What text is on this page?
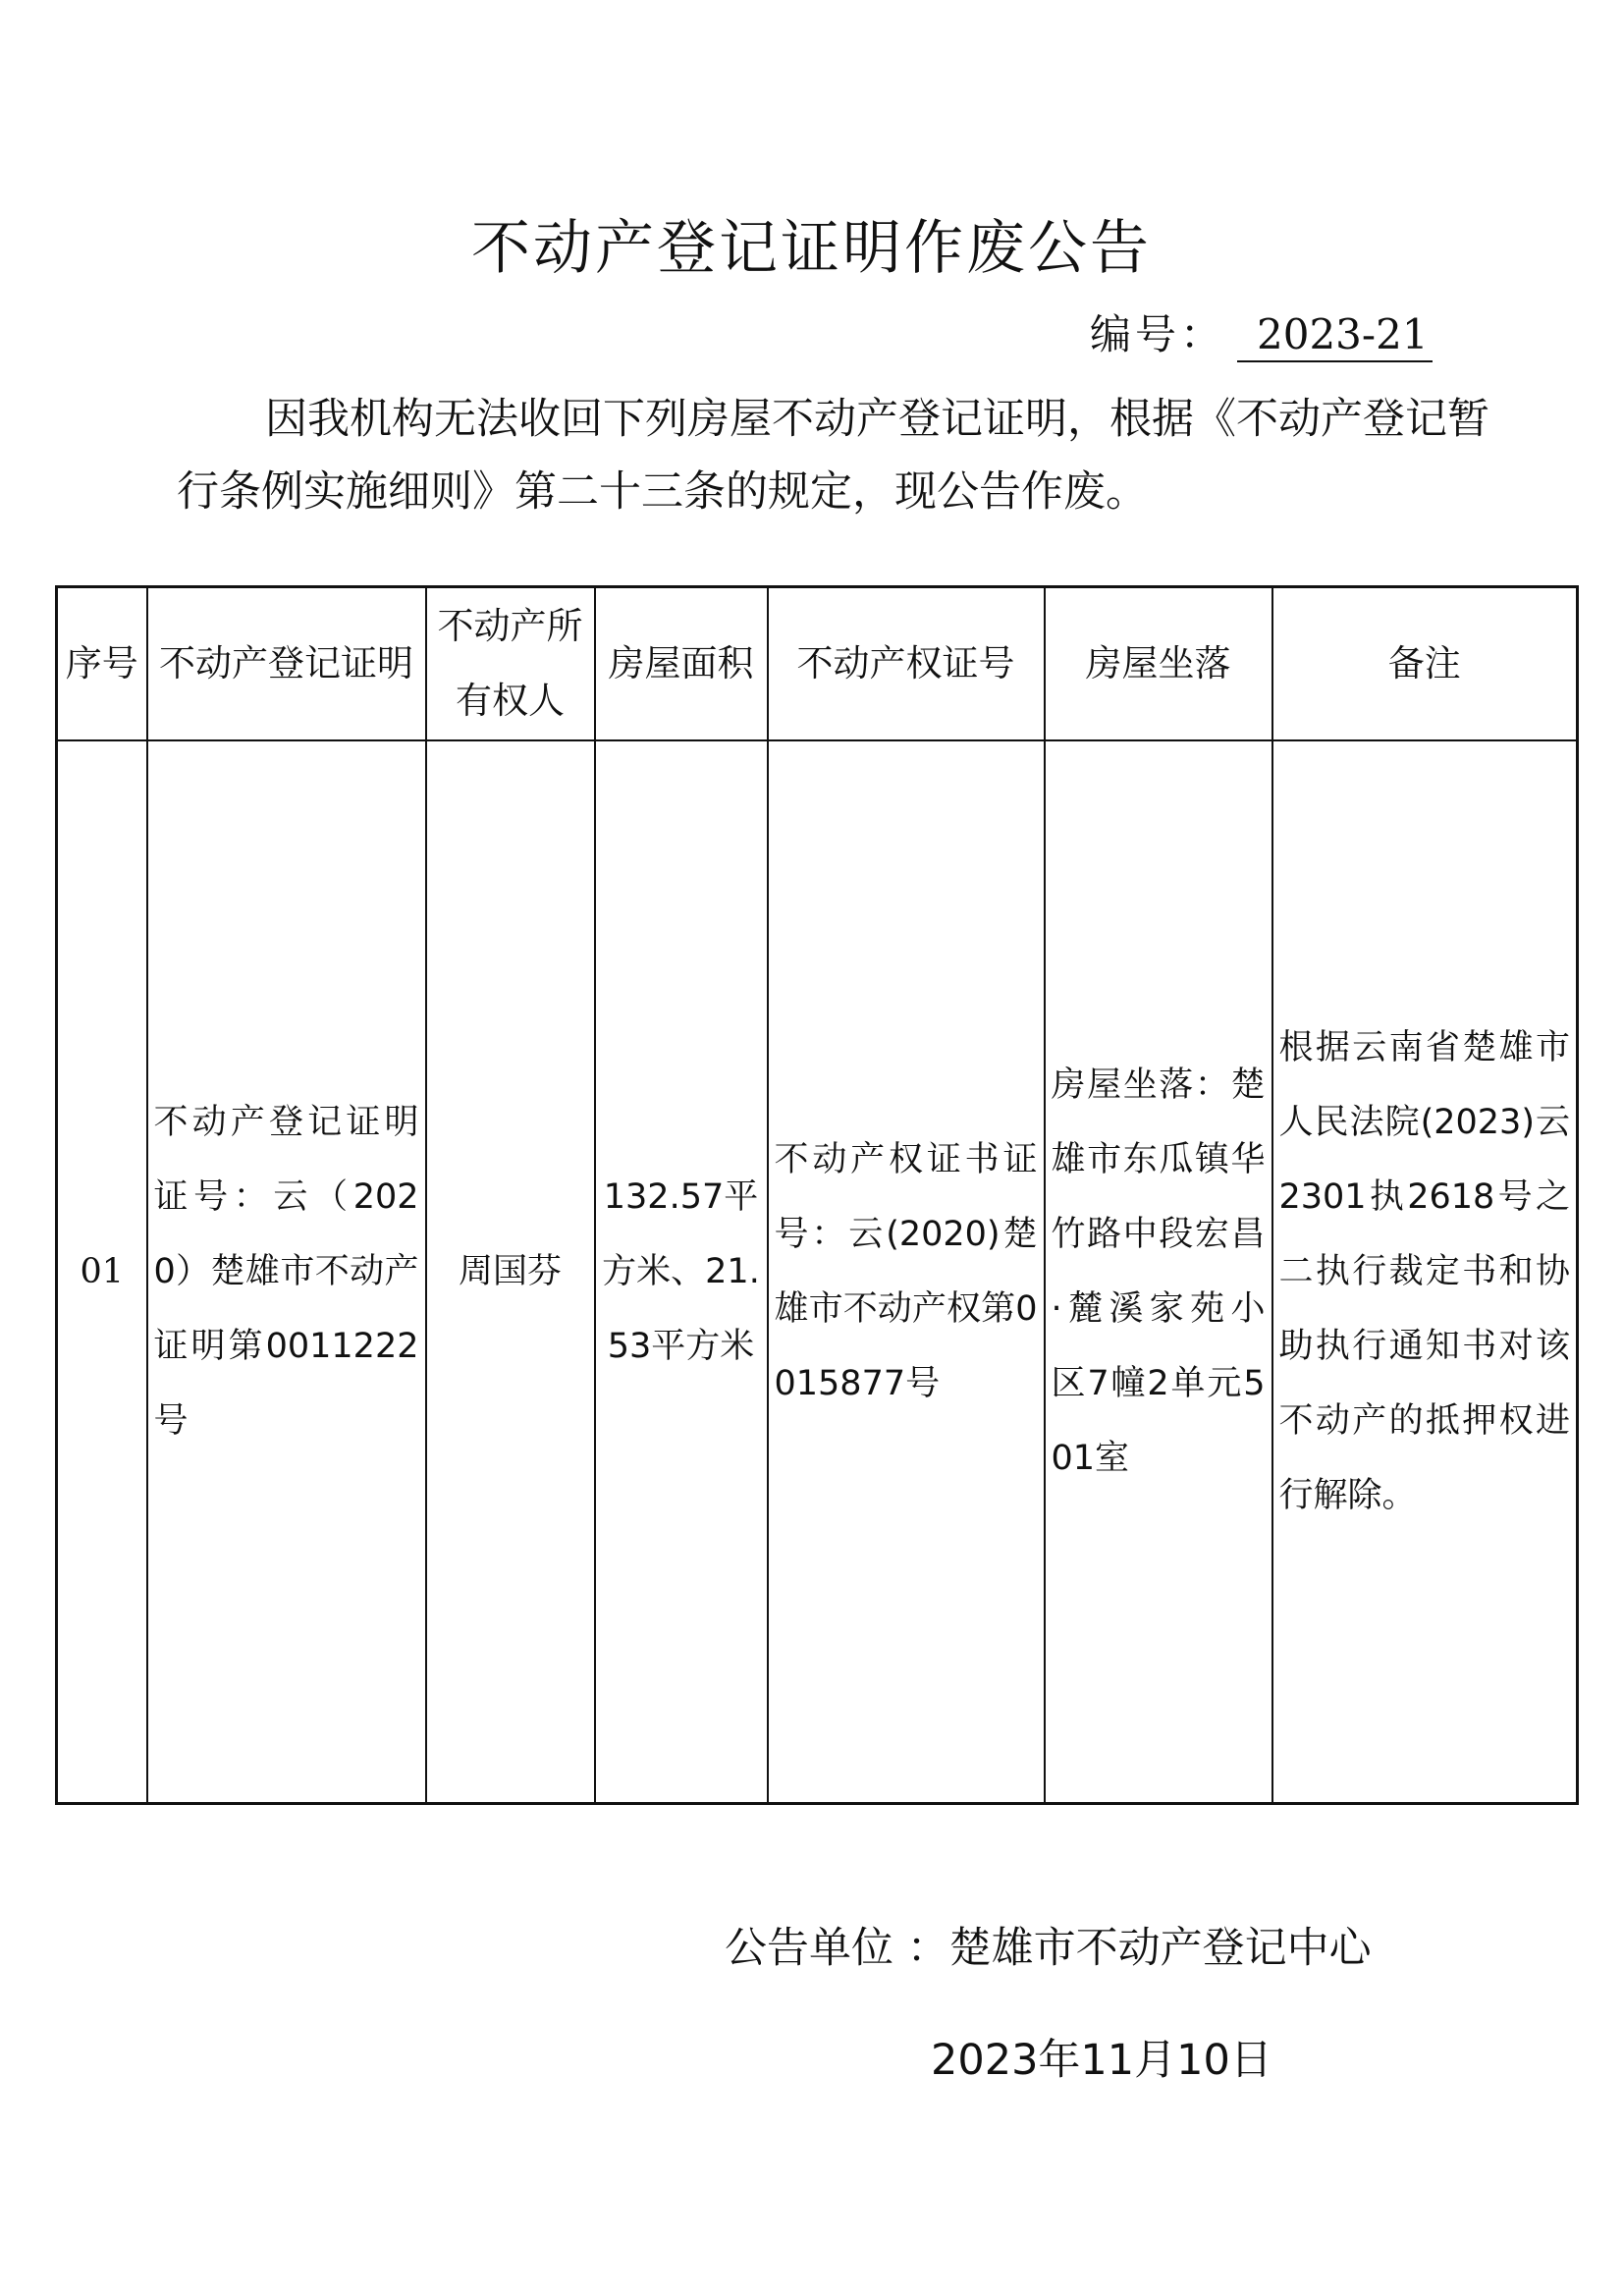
不动产登记证明作废公告
编号： 2023-21

因我机构无法收回下列房屋不动产登记证明，根据《不动产登记暂行条例实施细则》第二十三条的规定，现公告作废。

序号	不动产登记证明	不动产所有权人	房屋面积	不动产权证号	房屋坐落	备注
01	不动产登记证明证号：云（2020）楚雄市不动产证明第0011222号	周国芬	132.57平方米、21.53平方米	不动产权证书证号：云(2020)楚雄市不动产权第0015877号	房屋坐落：楚雄市东瓜镇华竹路中段宏昌·麓溪家苑小区7幢2单元501室	根据云南省楚雄市人民法院(2023)云2301执2618号之二执行裁定书和协助执行通知书对该不动产的抵押权进行解除。
公告单位 ：楚雄市不动产登记中心
2023年11月10日
